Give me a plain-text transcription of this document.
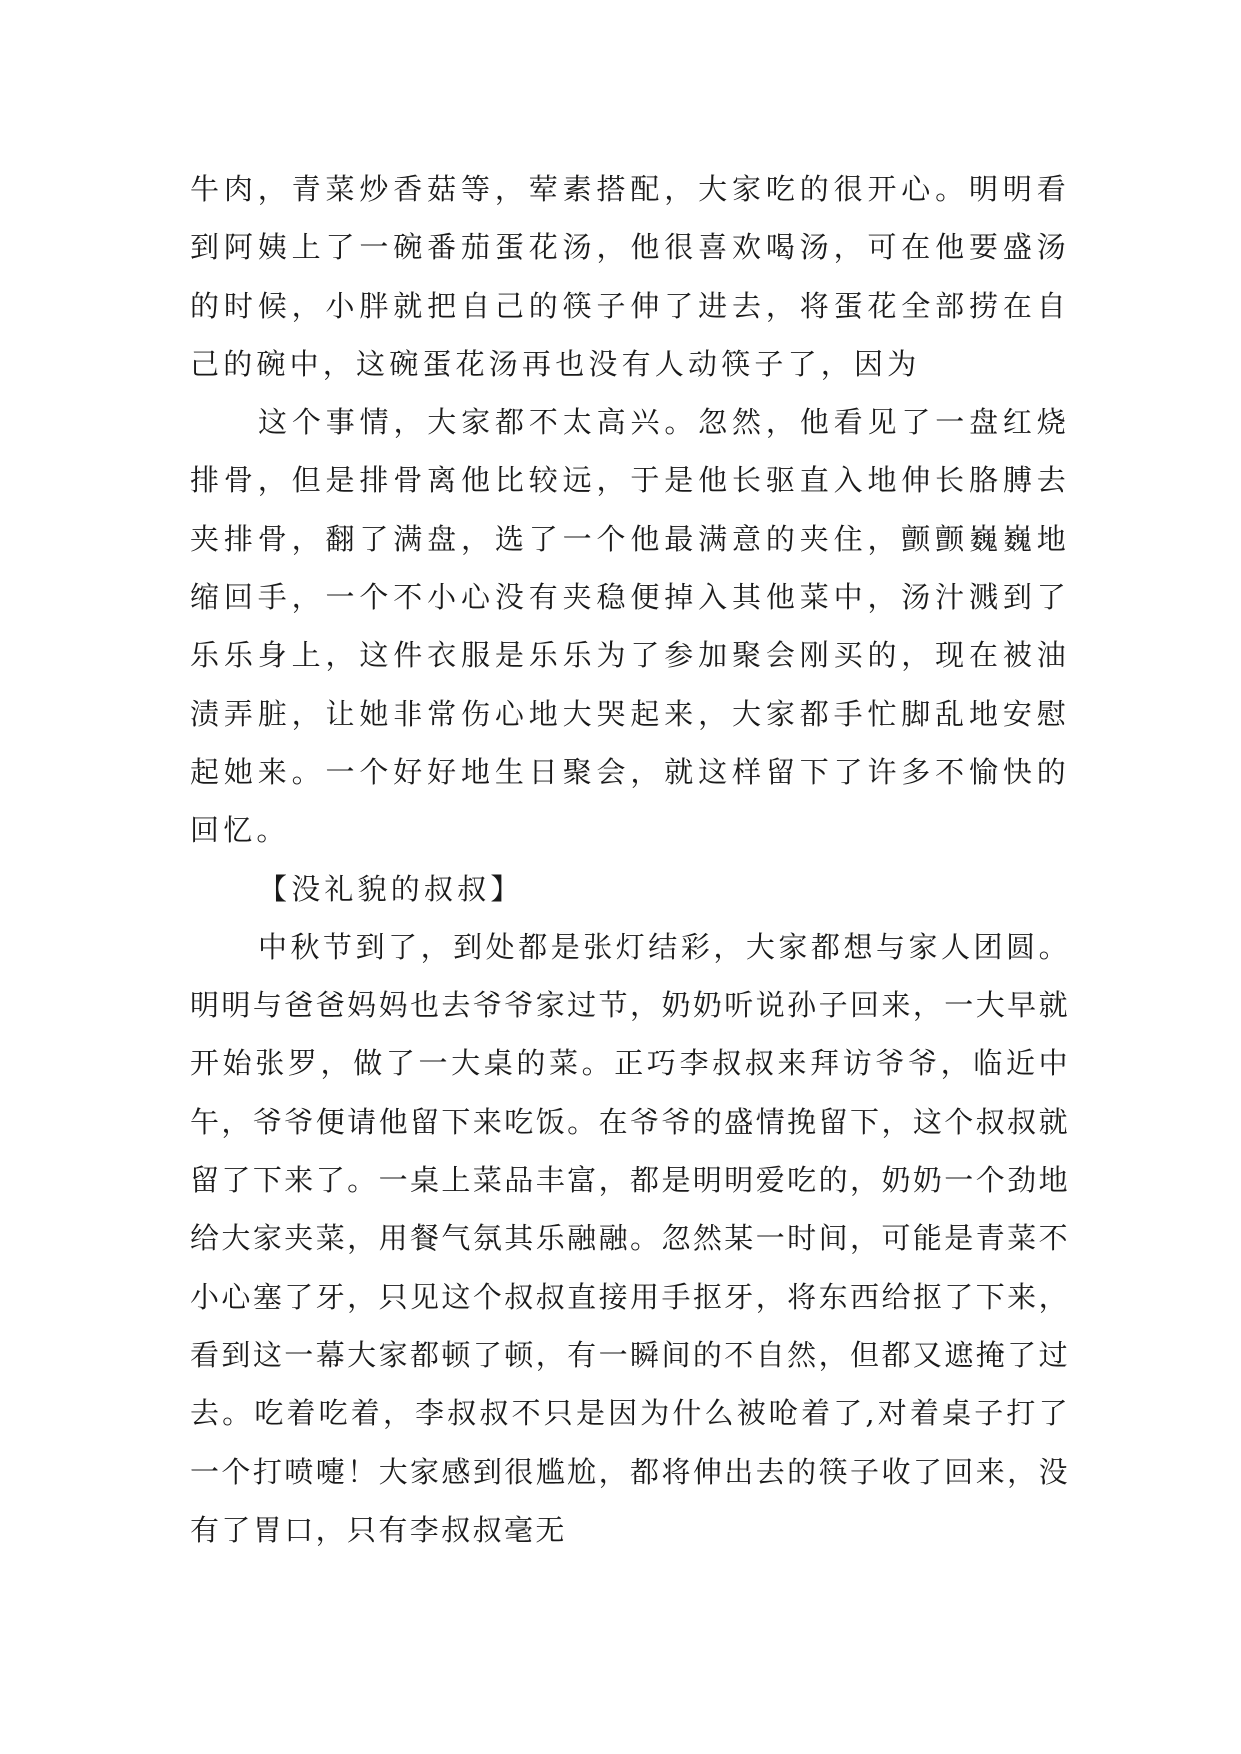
牛肉，青菜炒香菇等，荤素搭配，大家吃的很开心。明明看到阿姨上了一碗番茄蛋花汤，他很喜欢喝汤，可在他要盛汤的时候，小胖就把自己的筷子伸了进去，将蛋花全部捞在自己的碗中，这碗蛋花汤再也没有人动筷子了，因为

这个事情，大家都不太高兴。忽然，他看见了一盘红烧排骨，但是排骨离他比较远，于是他长驱直入地伸长胳膊去夹排骨，翻了满盘，选了一个他最满意的夹住，颤颤巍巍地缩回手，一个不小心没有夹稳便掉入其他菜中，汤汁溅到了乐乐身上，这件衣服是乐乐为了参加聚会刚买的，现在被油渍弄脏，让她非常伤心地大哭起来，大家都手忙脚乱地安慰起她来。一个好好地生日聚会，就这样留下了许多不愉快的回忆。

【没礼貌的叔叔】

中秋节到了，到处都是张灯结彩，大家都想与家人团圆。明明与爸爸妈妈也去爷爷家过节，奶奶听说孙子回来，一大早就开始张罗，做了一大桌的菜。正巧李叔叔来拜访爷爷，临近中午，爷爷便请他留下来吃饭。在爷爷的盛情挽留下，这个叔叔就留了下来了。一桌上菜品丰富，都是明明爱吃的，奶奶一个劲地给大家夹菜，用餐气氛其乐融融。忽然某一时间，可能是青菜不小心塞了牙，只见这个叔叔直接用手抠牙，将东西给抠了下来，看到这一幕大家都顿了顿，有一瞬间的不自然，但都又遮掩了过去。吃着吃着，李叔叔不只是因为什么被呛着了,对着桌子打了一个打喷嚏！大家感到很尴尬，都将伸出去的筷子收了回来，没有了胃口，只有李叔叔毫无
